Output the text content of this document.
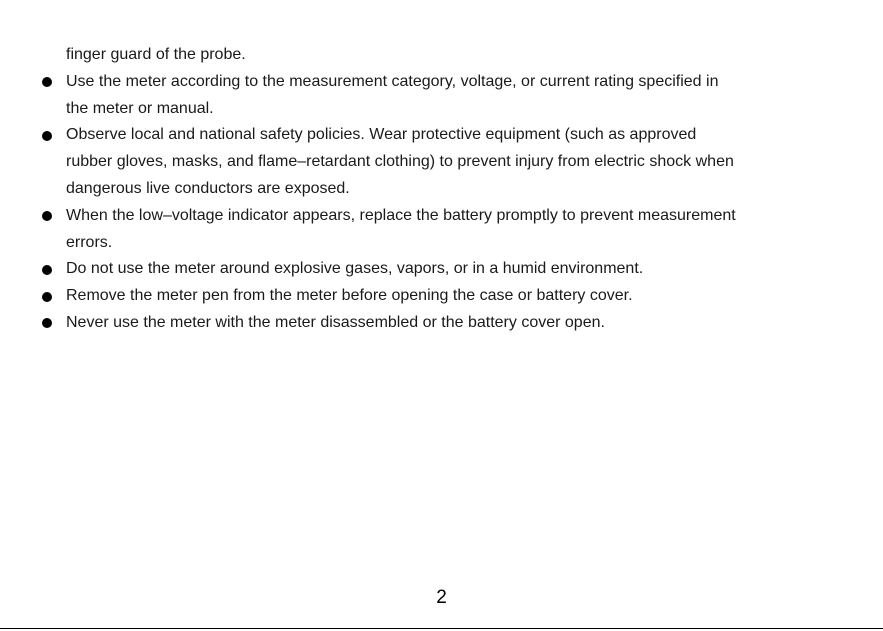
finger guard of the probe.
Use the meter according to the measurement category, voltage, or current rating specified in
the meter or manual.
Observe local and national safety policies. Wear protective equipment (such as approved
rubber gloves, masks, and flame–retardant clothing) to prevent injury from electric shock when
dangerous live conductors are exposed.
When the low–voltage indicator appears, replace the battery promptly to prevent measurement
errors.
Do not use the meter around explosive gases, vapors, or in a humid environment.
Remove the meter pen from the meter before opening the case or battery cover.
Never use the meter with the meter disassembled or the battery cover open.
2
